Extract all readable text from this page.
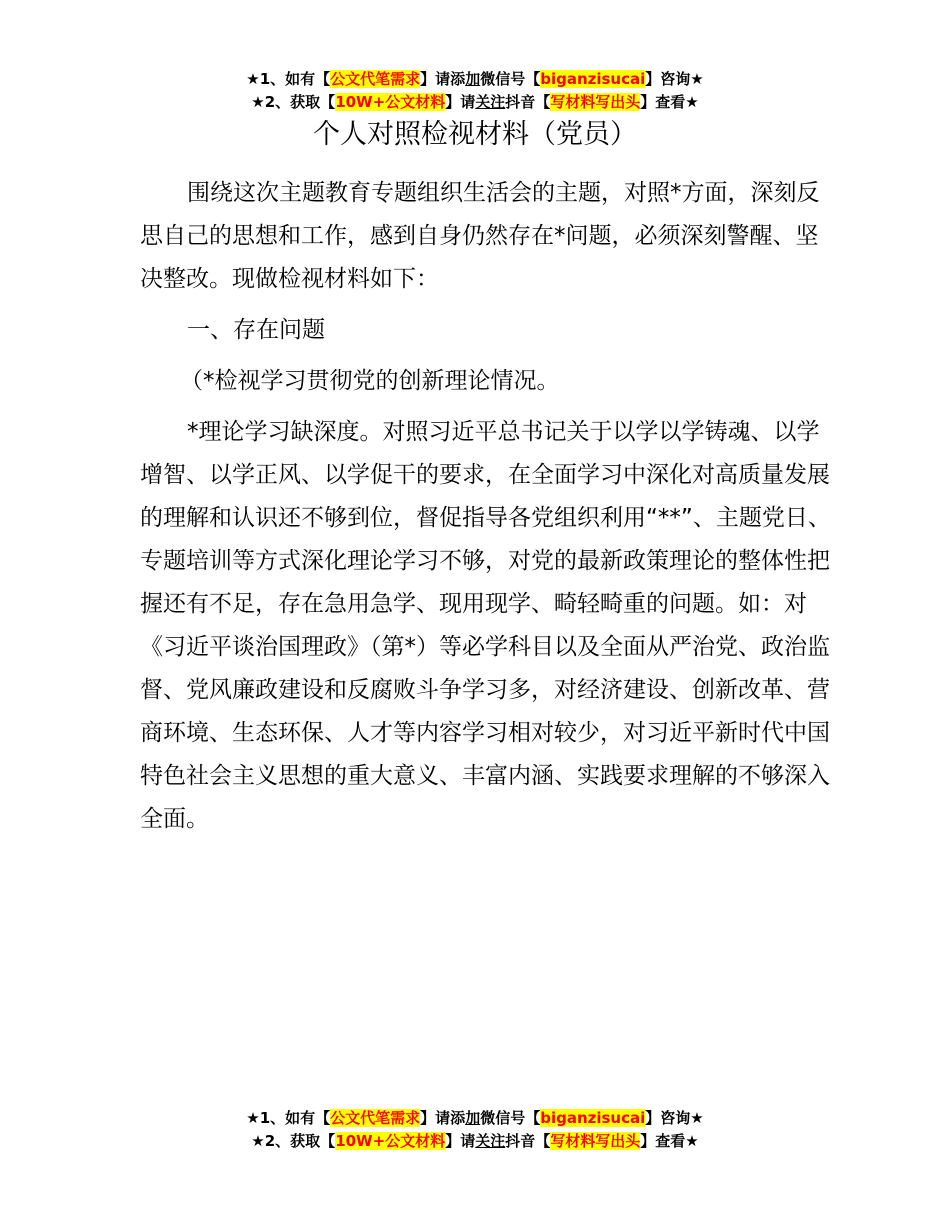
★1、如有【公文代笔需求】请添加微信号【biganzisucai】咨询★
★2、获取【10W+公文材料】请关注抖音【写材料写出头】查看★
个人对照检视材料（党员）

围绕这次主题教育专题组织生活会的主题，对照*方面，深刻反思自己的思想和工作，感到自身仍然存在*问题，必须深刻警醒、坚决整改。现做检视材料如下：

一、存在问题

（*检视学习贯彻党的创新理论情况。

*理论学习缺深度。对照习近平总书记关于以学以学铸魂、以学增智、以学正风、以学促干的要求，在全面学习中深化对高质量发展的理解和认识还不够到位，督促指导各党组织利用“**”、主题党日、专题培训等方式深化理论学习不够，对党的最新政策理论的整体性把握还有不足，存在急用急学、现用现学、畸轻畸重的问题。如：对《习近平谈治国理政》（第*）等必学科目以及全面从严治党、政治监督、党风廉政建设和反腐败斗争学习多，对经济建设、创新改革、营商环境、生态环保、人才等内容学习相对较少，对习近平新时代中国特色社会主义思想的重大意义、丰富内涵、实践要求理解的不够深入全面。

★1、如有【公文代笔需求】请添加微信号【biganzisucai】咨询★
★2、获取【10W+公文材料】请关注抖音【写材料写出头】查看★
